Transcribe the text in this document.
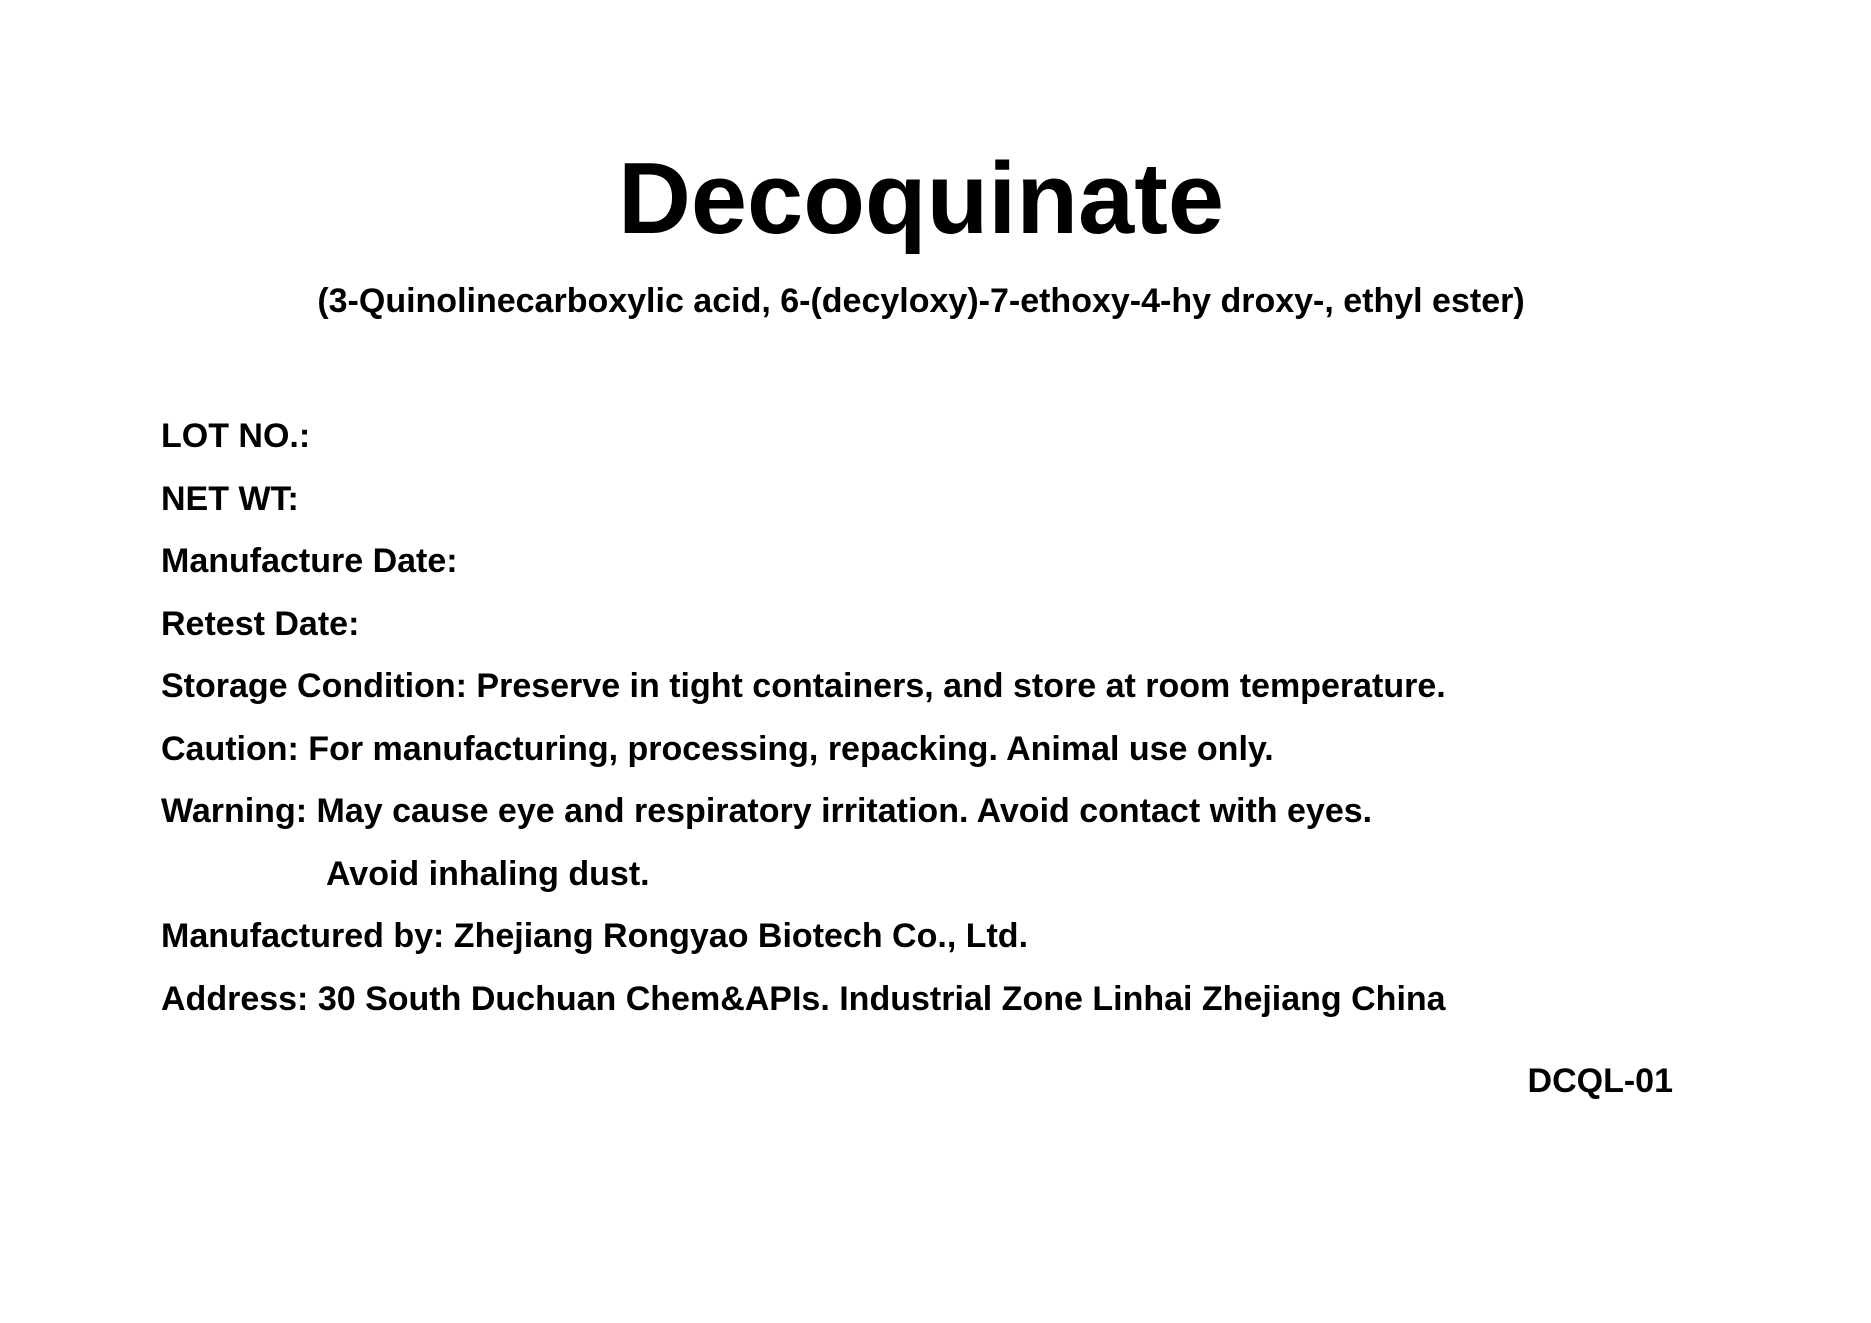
Decoquinate
(3-Quinolinecarboxylic acid, 6-(decyloxy)-7-ethoxy-4-hy droxy-, ethyl ester)
LOT NO.:
NET WT:
Manufacture Date:
Retest Date:
Storage Condition: Preserve in tight containers, and store at room temperature.
Caution: For manufacturing, processing, repacking. Animal use only.
Warning: May cause eye and respiratory irritation. Avoid contact with eyes.
Avoid inhaling dust.
Manufactured by: Zhejiang Rongyao Biotech Co., Ltd.
Address: 30 South Duchuan Chem&APIs. Industrial Zone Linhai Zhejiang China
DCQL-01
